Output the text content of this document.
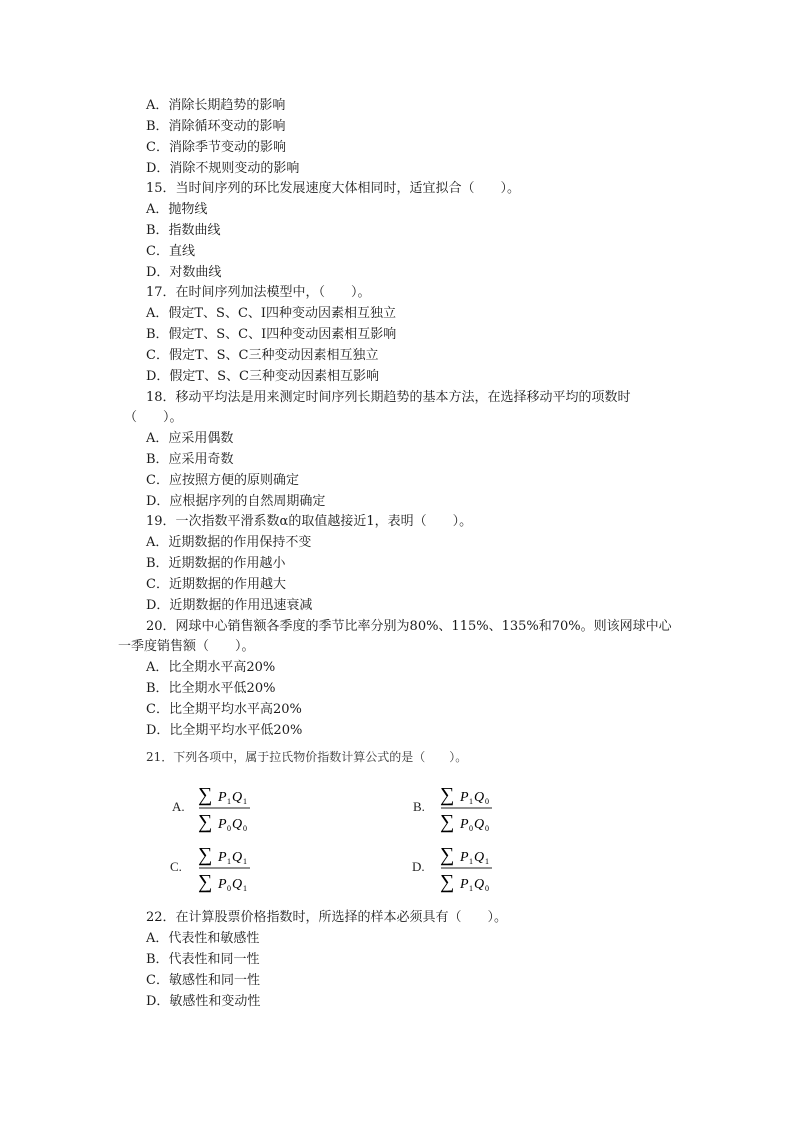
A．消除长期趋势的影响
B．消除循环变动的影响
C．消除季节变动的影响
D．消除不规则变动的影响
15．当时间序列的环比发展速度大体相同时，适宜拟合（　　）。
A．抛物线
B．指数曲线
C．直线
D．对数曲线
17．在时间序列加法模型中，（　　）。
A．假定T、S、C、I四种变动因素相互独立
B．假定T、S、C、I四种变动因素相互影响
C．假定T、S、C三种变动因素相互独立
D．假定T、S、C三种变动因素相互影响
18．移动平均法是用来测定时间序列长期趋势的基本方法，在选择移动平均的项数时
（　　）。
A．应采用偶数
B．应采用奇数
C．应按照方便的原则确定
D．应根据序列的自然周期确定
19．一次指数平滑系数α的取值越接近1，表明（　　）。
A．近期数据的作用保持不变
B．近期数据的作用越小
C．近期数据的作用越大
D．近期数据的作用迅速衰减
20．网球中心销售额各季度的季节比率分别为80%、115%、135%和70%。则该网球中心
一季度销售额（　　）。
A．比全期水平高20%
B．比全期水平低20%
C．比全期平均水平高20%
D．比全期平均水平低20%
21．下列各项中，属于拉氏物价指数计算公式的是（　　）。
A.
∑ P 1 Q 1
∑ P 0 Q 0
B.
∑ P 1 Q 0
∑ P 0 Q 0
C.
∑ P 1 Q 1
∑ P 0 Q 1
D.
∑ P 1 Q 1
∑ P 1 Q 0
22．在计算股票价格指数时，所选择的样本必须具有（　　）。
A．代表性和敏感性
B．代表性和同一性
C．敏感性和同一性
D．敏感性和变动性
